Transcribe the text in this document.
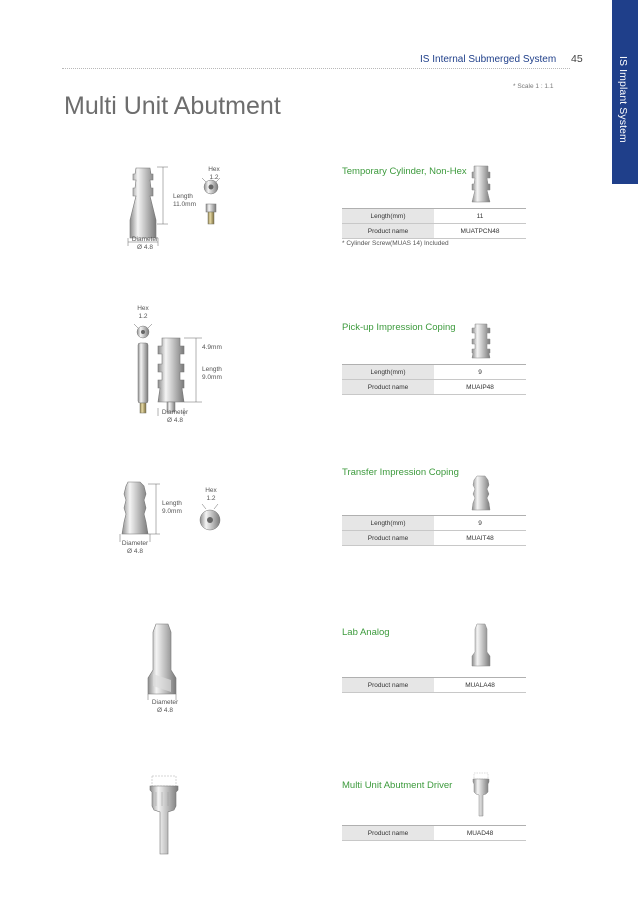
IS Implant System
IS Internal Submerged System 45
* Scale 1 : 1.1
Multi Unit Abutment
Length
11.0mm
Hex
1.2
Diameter
Ø 4.8
Temporary Cylinder, Non-Hex
Length(mm)	11
Product name	MUATPCN48
* Cylinder Screw(MUAS 14) Included
Hex
1.2
4.9mm
Length
9.0mm
Diameter
Ø 4.8
Pick-up Impression Coping
Length(mm)	9
Product name	MUAIP48
Length
9.0mm
Hex
1.2
Diameter
Ø 4.8
Transfer Impression Coping
Length(mm)	9
Product name	MUAIT48
Diameter
Ø 4.8
Lab Analog
Product name	MUALA48
Multi Unit Abutment Driver
Product name	MUAD48
